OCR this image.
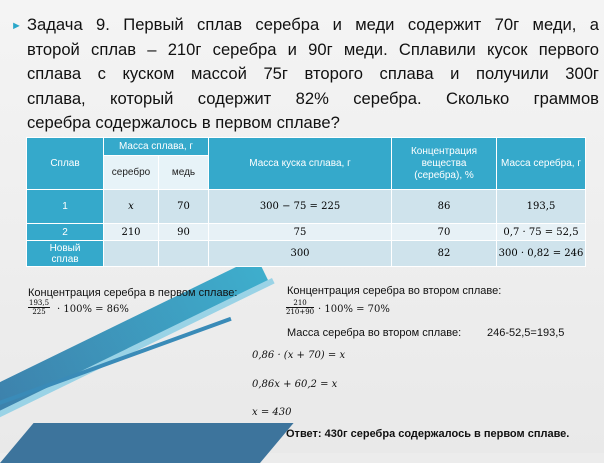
► Задача 9. Первый сплав серебра и меди содержит 70г меди, а
второй сплав – 210г серебра и 90г меди. Сплавили кусок первого
сплава с куском массой 75г второго сплава и получили 300г
сплава, который содержит 82% серебра. Сколько граммов
серебра содержалось в первом сплаве?
Сплав	Масса сплава, г		Масса куска сплава, г	Концентрация
вещества
(серебра), %	Масса серебра, г
	серебро	медь			
1	x	70	300 − 75 = 225	86	193,5
2	210	90	75	70	0,7 · 75 = 52,5

Новый
сплав			300	82	300 · 0,82 = 246
Концентрация серебра в первом сплаве:
$\frac{193,5}{225} \cdot 100\% = 86\%$
Концентрация серебра во втором сплаве:
$\frac{210}{210+90} \cdot 100\% = 70\%$
Масса серебра во втором сплаве: 246-52,5=193,5
0,86 · (x + 70) = x
0,86x + 60,2 = x
x = 430
Ответ: 430г серебра содержалось в первом сплаве.
